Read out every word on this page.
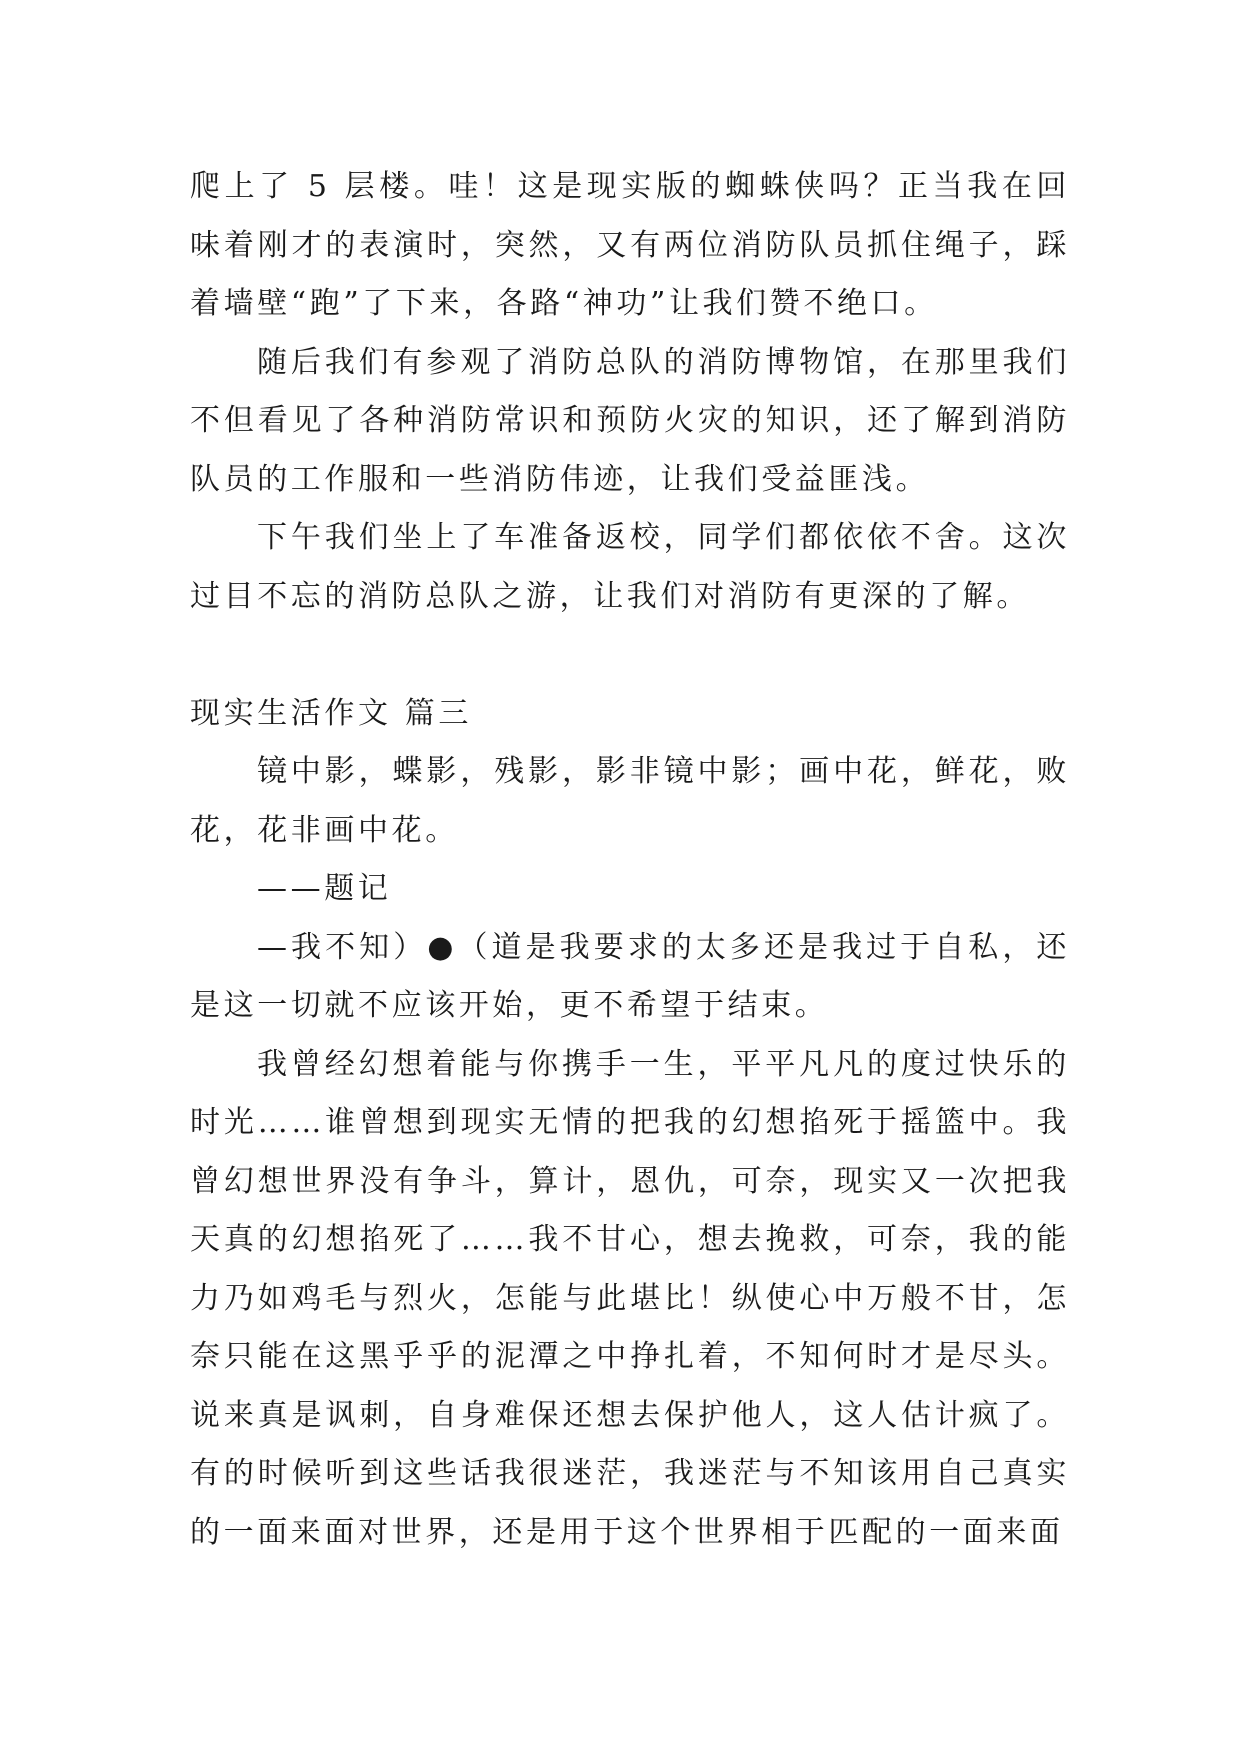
爬上了 5 层楼。哇！这是现实版的蜘蛛侠吗？正当我在回味着刚才的表演时，突然，又有两位消防队员抓住绳子，踩着墙壁“跑”了下来，各路“神功”让我们赞不绝口。

随后我们有参观了消防总队的消防博物馆，在那里我们不但看见了各种消防常识和预防火灾的知识，还了解到消防队员的工作服和一些消防伟迹，让我们受益匪浅。

下午我们坐上了车准备返校，同学们都依依不舍。这次过目不忘的消防总队之游，让我们对消防有更深的了解。

现实生活作文 篇三

镜中影，蝶影，残影，影非镜中影；画中花，鲜花，败花，花非画中花。

——题记

—我不知）●（道是我要求的太多还是我过于自私，还是这一切就不应该开始，更不希望于结束。

我曾经幻想着能与你携手一生，平平凡凡的度过快乐的时光……谁曾想到现实无情的把我的幻想掐死于摇篮中。我曾幻想世界没有争斗，算计，恩仇，可奈，现实又一次把我天真的幻想掐死了……我不甘心，想去挽救，可奈，我的能力乃如鸡毛与烈火，怎能与此堪比！纵使心中万般不甘，怎奈只能在这黑乎乎的泥潭之中挣扎着，不知何时才是尽头。说来真是讽刺，自身难保还想去保护他人，这人估计疯了。有的时候听到这些话我很迷茫，我迷茫与不知该用自己真实的一面来面对世界，还是用于这个世界相于匹配的一面来面
